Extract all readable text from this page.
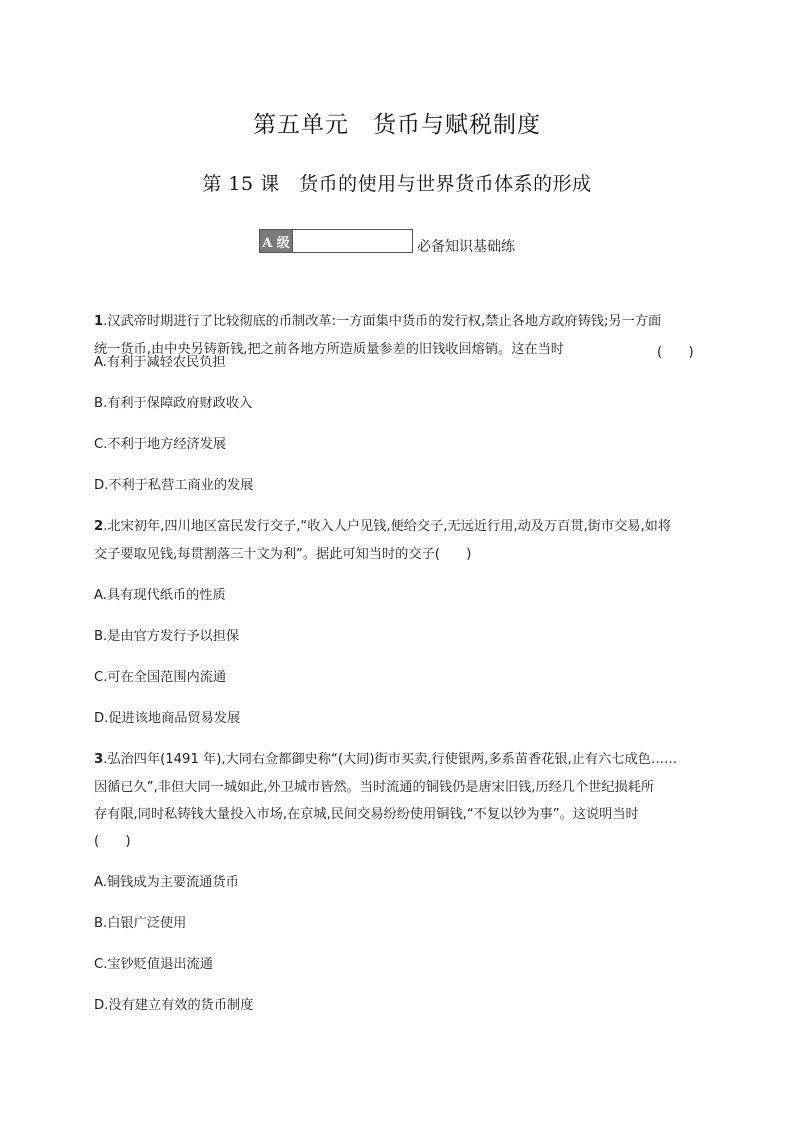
第五单元　货币与赋税制度
第 15 课　货币的使用与世界货币体系的形成
A 级	必备知识基础练
1.汉武帝时期进行了比较彻底的币制改革:一方面集中货币的发行权,禁止各地方政府铸钱;另一方面
统一货币,由中央另铸新钱,把之前各地方所造质量参差的旧钱收回熔销。这在当时	(　　)
A.有利于减轻农民负担
B.有利于保障政府财政收入
C.不利于地方经济发展
D.不利于私营工商业的发展
2.北宋初年,四川地区富民发行交子,“收入人户见钱,便给交子,无远近行用,动及万百贯,街市交易,如将
交子要取见钱,每贯割落三十文为利”。据此可知当时的交子(　　)
A.具有现代纸币的性质
B.是由官方发行予以担保
C.可在全国范围内流通
D.促进该地商品贸易发展
3.弘治四年(1491 年),大同右佥都御史称“(大同)街市买卖,行使银两,多系苗香花银,止有六七成色……
因循已久”,非但大同一城如此,外卫城市皆然。当时流通的铜钱仍是唐宋旧钱,历经几个世纪损耗所
存有限,同时私铸钱大量投入市场,在京城,民间交易纷纷使用铜钱,“不复以钞为事”。这说明当时
(　　)
A.铜钱成为主要流通货币
B.白银广泛使用
C.宝钞贬值退出流通
D.没有建立有效的货币制度
